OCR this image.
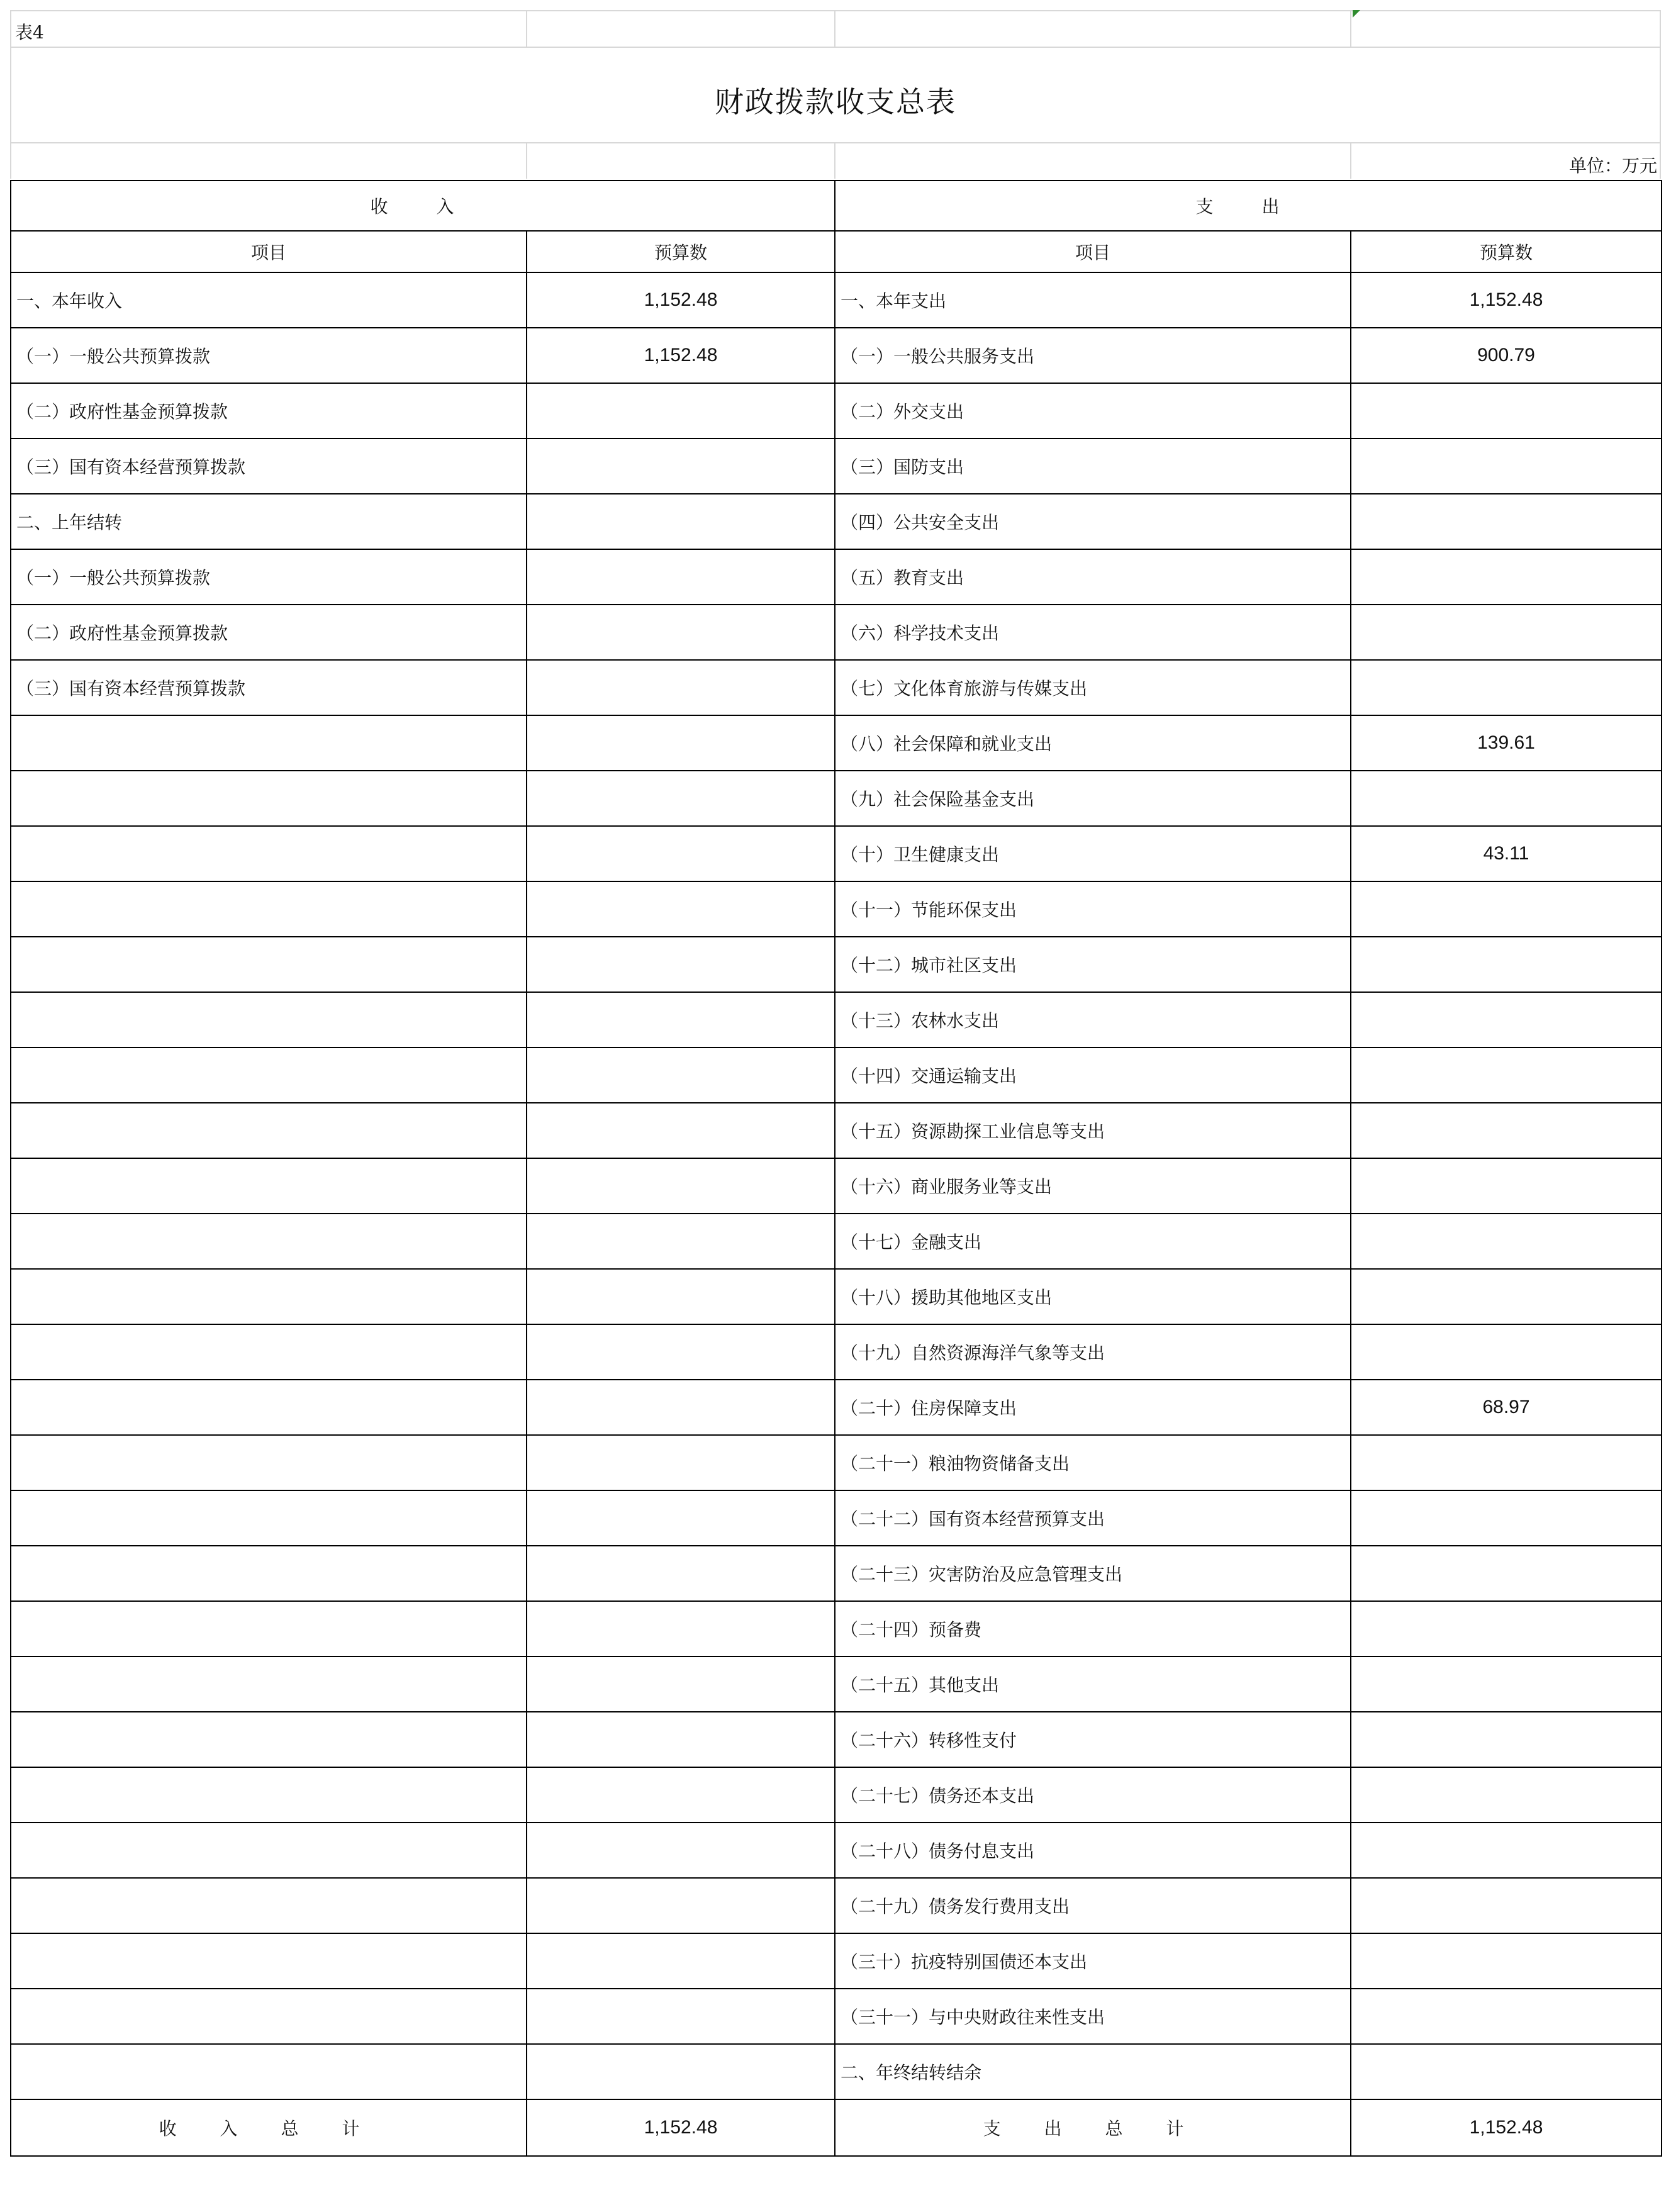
表4
财政拨款收支总表
单位：万元
收 入		支 出	
项目	预算数	项目	预算数
一、本年收入	1,152.48	一、本年支出	1,152.48
（一）一般公共预算拨款	1,152.48	（一）一般公共服务支出	900.79
（二）政府性基金预算拨款		（二）外交支出	
（三）国有资本经营预算拨款		（三）国防支出	
二、上年结转		（四）公共安全支出	
（一）一般公共预算拨款		（五）教育支出	
（二）政府性基金预算拨款		（六）科学技术支出	
（三）国有资本经营预算拨款		（七）文化体育旅游与传媒支出	
		（八）社会保障和就业支出	139.61
		（九）社会保险基金支出	
		（十）卫生健康支出	43.11
		（十一）节能环保支出	
		（十二）城市社区支出	
		（十三）农林水支出	
		（十四）交通运输支出	
		（十五）资源勘探工业信息等支出	
		（十六）商业服务业等支出	
		（十七）金融支出	
		（十八）援助其他地区支出	
		（十九）自然资源海洋气象等支出	
		（二十）住房保障支出	68.97
		（二十一）粮油物资储备支出	
		（二十二）国有资本经营预算支出	
		（二十三）灾害防治及应急管理支出	
		（二十四）预备费	
		（二十五）其他支出	
		（二十六）转移性支付	
		（二十七）债务还本支出	
		（二十八）债务付息支出	
		（二十九）债务发行费用支出	
		（三十）抗疫特别国债还本支出	
		（三十一）与中央财政往来性支出	
		二、年终结转结余	
收 入 总 计	1,152.48	支 出 总 计	1,152.48
